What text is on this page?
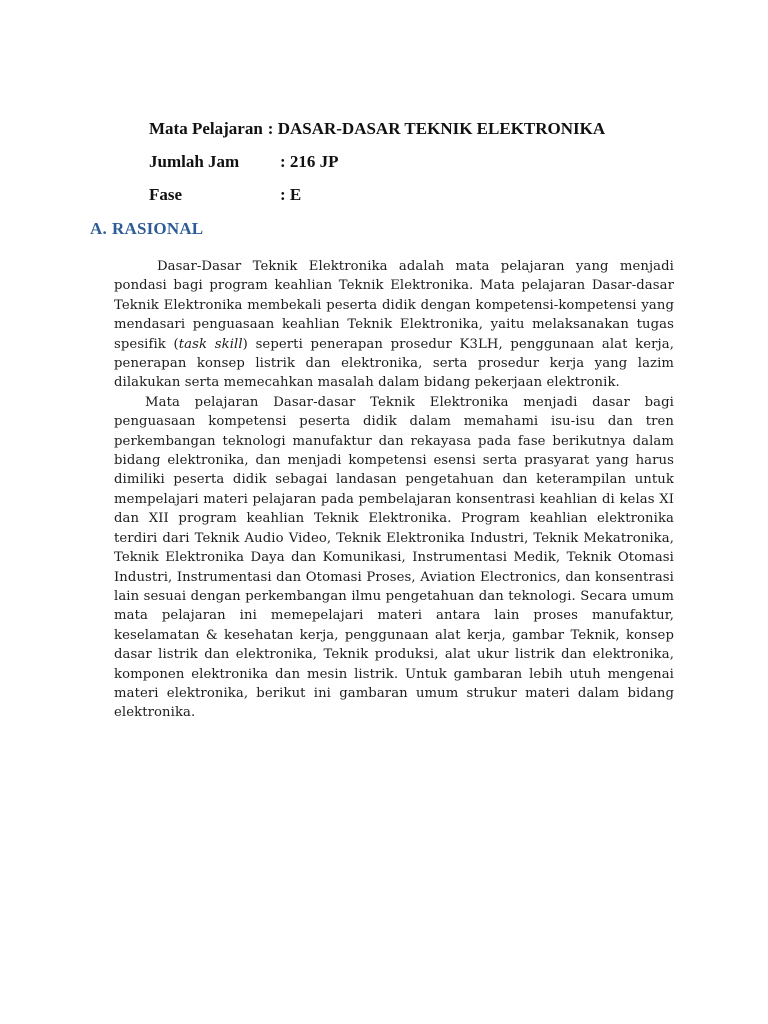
Mata Pelajaran : DASAR-DASAR TEKNIK ELEKTRONIKA
Jumlah Jam : 216 JP
Fase	: E
A. RASIONAL

Dasar-Dasar Teknik Elektronika adalah mata pelajaran yang menjadi pondasi bagi program keahlian Teknik Elektronika. Mata pelajaran Dasar-dasar Teknik Elektronika membekali peserta didik dengan kompetensi-kompetensi yang mendasari penguasaan keahlian Teknik Elektronika, yaitu melaksanakan tugas spesifik (task skill) seperti penerapan prosedur K3LH, penggunaan alat kerja, penerapan konsep listrik dan elektronika, serta prosedur kerja yang lazim dilakukan serta memecahkan masalah dalam bidang pekerjaan elektronik.

Mata pelajaran Dasar-dasar Teknik Elektronika menjadi dasar bagi penguasaan kompetensi peserta didik dalam memahami isu-isu dan tren perkembangan teknologi manufaktur dan rekayasa pada fase berikutnya dalam bidang elektronika, dan menjadi kompetensi esensi serta prasyarat yang harus dimiliki peserta didik sebagai landasan pengetahuan dan keterampilan untuk mempelajari materi pelajaran pada pembelajaran konsentrasi keahlian di kelas XI dan XII program keahlian Teknik Elektronika. Program keahlian elektronika terdiri dari Teknik Audio Video, Teknik Elektronika Industri, Teknik Mekatronika, Teknik Elektronika Daya dan Komunikasi, Instrumentasi Medik, Teknik Otomasi Industri, Instrumentasi dan Otomasi Proses, Aviation Electronics, dan konsentrasi lain sesuai dengan perkembangan ilmu pengetahuan dan teknologi. Secara umum mata pelajaran ini memepelajari materi antara lain proses manufaktur, keselamatan & kesehatan kerja, penggunaan alat kerja, gambar Teknik, konsep dasar listrik dan elektronika, Teknik produksi, alat ukur listrik dan elektronika, komponen elektronika dan mesin listrik. Untuk gambaran lebih utuh mengenai materi elektronika, berikut ini gambaran umum strukur materi dalam bidang elektronika.
